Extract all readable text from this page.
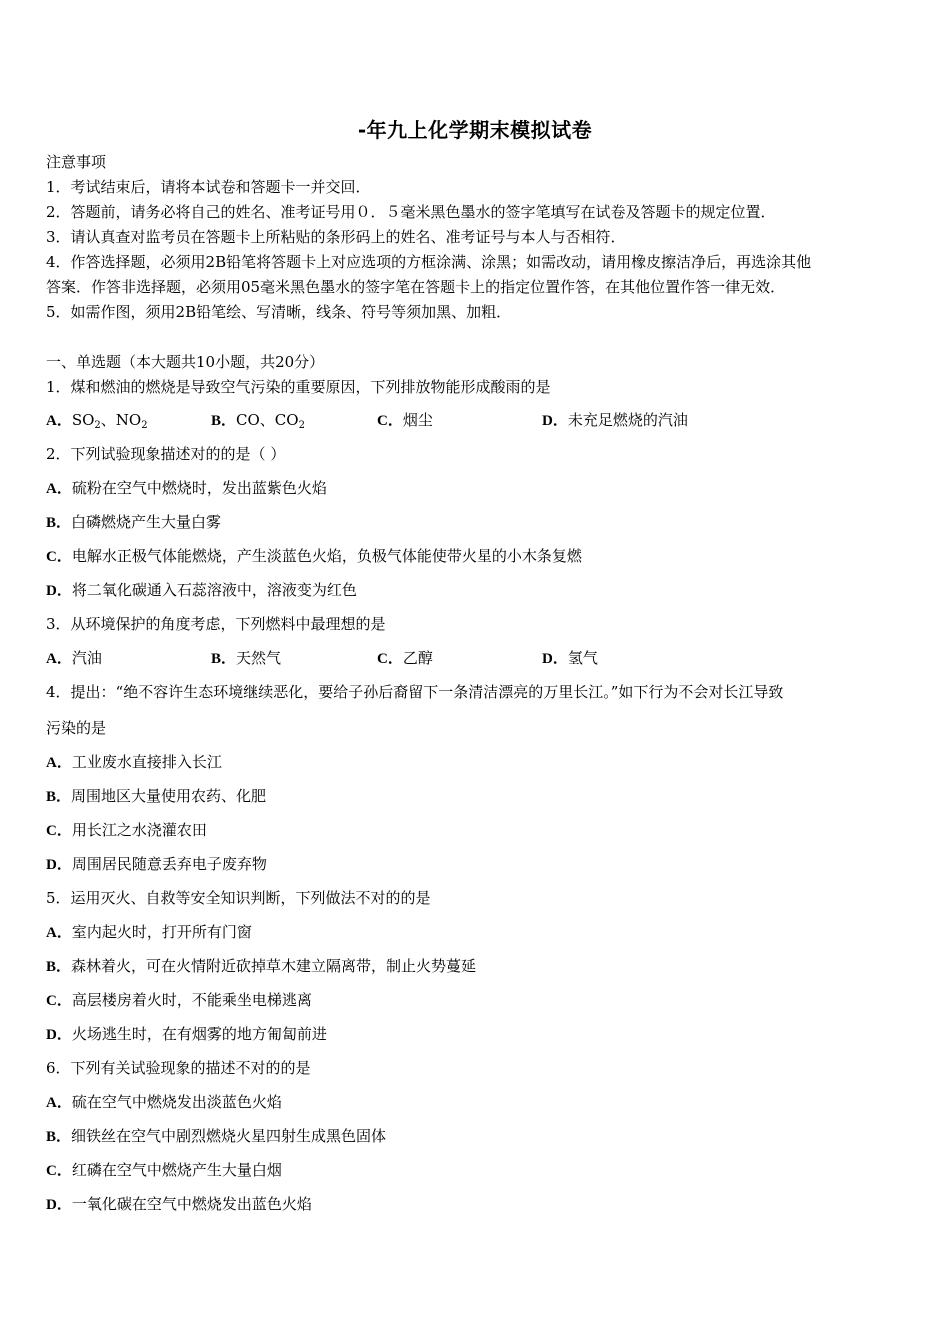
-年九上化学期末模拟试卷
注意事项
1．考试结束后，请将本试卷和答题卡一并交回．
2．答题前，请务必将自己的姓名、准考证号用０．５毫米黑色墨水的签字笔填写在试卷及答题卡的规定位置．
3．请认真查对监考员在答题卡上所粘贴的条形码上的姓名、准考证号与本人与否相符．
4．作答选择题，必须用2B铅笔将答题卡上对应选项的方框涂满、涂黑；如需改动，请用橡皮擦洁净后，再选涂其他
答案．作答非选择题，必须用05毫米黑色墨水的签字笔在答题卡上的指定位置作答，在其他位置作答一律无效．
5．如需作图，须用2B铅笔绘、写清晰，线条、符号等须加黑、加粗．
一、单选题（本大题共10小题，共20分）
1．煤和燃油的燃烧是导致空气污染的重要原因，下列排放物能形成酸雨的是
A．$SO_2$、$NO_2$	B．CO、$CO_2$	C．烟尘	D．未充足燃烧的汽油
2．下列试验现象描述对的的是（ ）
A．硫粉在空气中燃烧时，发出蓝紫色火焰
B．白磷燃烧产生大量白雾
C．电解水正极气体能燃烧，产生淡蓝色火焰，负极气体能使带火星的小木条复燃
D．将二氧化碳通入石蕊溶液中，溶液变为红色
3．从环境保护的角度考虑，下列燃料中最理想的是
A．汽油	B．天然气	C．乙醇	D．氢气
4．提出：“绝不容许生态环境继续恶化，要给子孙后裔留下一条清洁漂亮的万里长江。”如下行为不会对长江导致
污染的是
A．工业废水直接排入长江
B．周围地区大量使用农药、化肥
C．用长江之水浇灌农田
D．周围居民随意丢弃电子废弃物
5．运用灭火、自救等安全知识判断，下列做法不对的的是
A．室内起火时，打开所有门窗
B．森林着火，可在火情附近砍掉草木建立隔离带，制止火势蔓延
C．高层楼房着火时，不能乘坐电梯逃离
D．火场逃生时，在有烟雾的地方匍匐前进
6．下列有关试验现象的描述不对的的是
A．硫在空气中燃烧发出淡蓝色火焰
B．细铁丝在空气中剧烈燃烧火星四射生成黑色固体
C．红磷在空气中燃烧产生大量白烟
D．一氧化碳在空气中燃烧发出蓝色火焰
